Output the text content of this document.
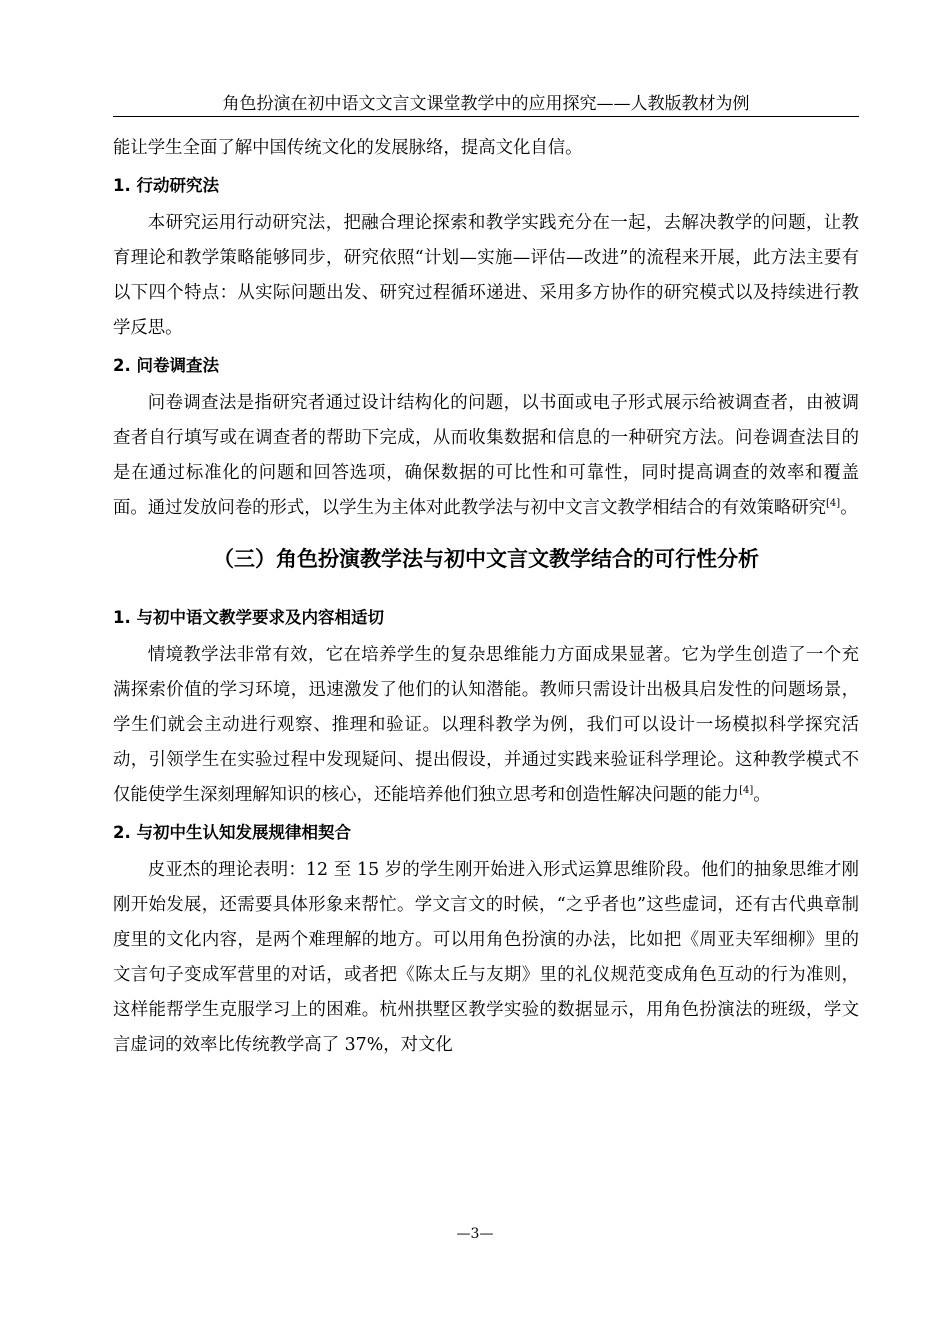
角色扮演在初中语文文言文课堂教学中的应用探究——人教版教材为例

能让学生全面了解中国传统文化的发展脉络，提高文化自信。

1. 行动研究法

本研究运用行动研究法，把融合理论探索和教学实践充分在一起，去解决教学的问题，让教育理论和教学策略能够同步，研究依照“计划—实施—评估—改进”的流程来开展，此方法主要有以下四个特点：从实际问题出发、研究过程循环递进、采用多方协作的研究模式以及持续进行教学反思。

2. 问卷调查法

问卷调查法是指研究者通过设计结构化的问题，以书面或电子形式展示给被调查者，由被调查者自行填写或在调查者的帮助下完成，从而收集数据和信息的一种研究方法。问卷调查法目的是在通过标准化的问题和回答选项，确保数据的可比性和可靠性，同时提高调查的效率和覆盖面。通过发放问卷的形式，以学生为主体对此教学法与初中文言文教学相结合的有效策略研究[4]。

（三）角色扮演教学法与初中文言文教学结合的可行性分析
1. 与初中语文教学要求及内容相适切

情境教学法非常有效，它在培养学生的复杂思维能力方面成果显著。它为学生创造了一个充满探索价值的学习环境，迅速激发了他们的认知潜能。教师只需设计出极具启发性的问题场景，学生们就会主动进行观察、推理和验证。以理科教学为例，我们可以设计一场模拟科学探究活动，引领学生在实验过程中发现疑问、提出假设，并通过实践来验证科学理论。这种教学模式不仅能使学生深刻理解知识的核心，还能培养他们独立思考和创造性解决问题的能力[4]。

2. 与初中生认知发展规律相契合

皮亚杰的理论表明：12 至 15 岁的学生刚开始进入形式运算思维阶段。他们的抽象思维才刚刚开始发展，还需要具体形象来帮忙。学文言文的时候，“之乎者也”这些虚词，还有古代典章制度里的文化内容，是两个难理解的地方。可以用角色扮演的办法，比如把《周亚夫军细柳》里的文言句子变成军营里的对话，或者把《陈太丘与友期》里的礼仪规范变成角色互动的行为准则，这样能帮学生克服学习上的困难。杭州拱墅区教学实验的数据显示，用角色扮演法的班级，学文言虚词的效率比传统教学高了 37%，对文化

—3—
